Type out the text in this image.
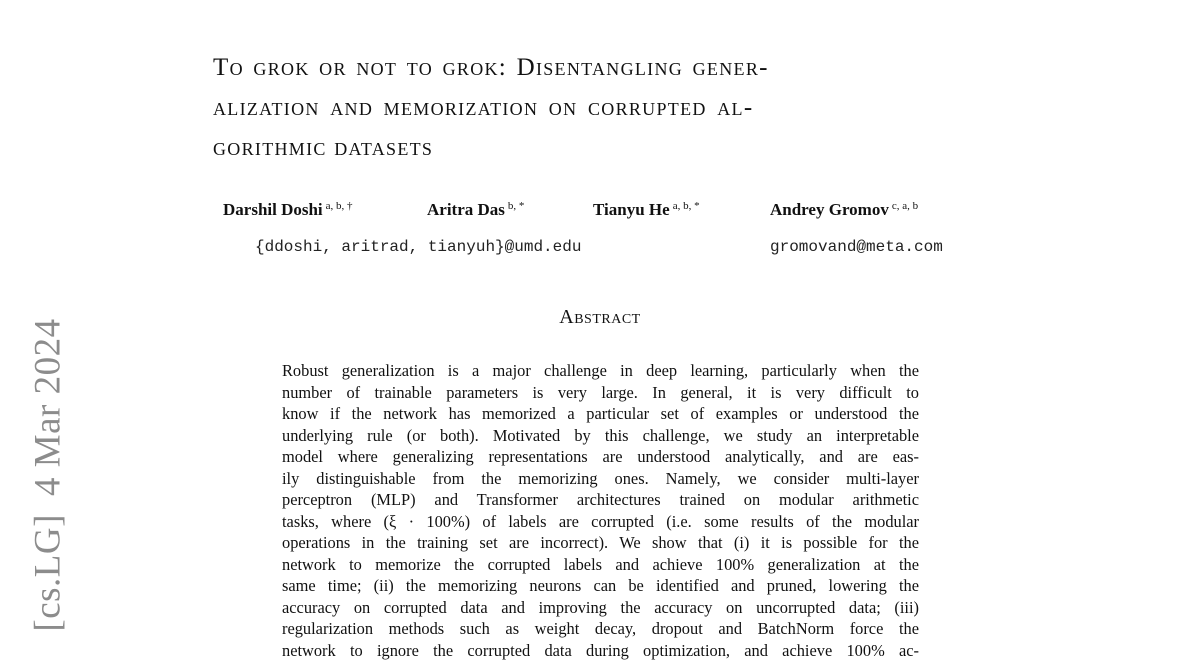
[cs.LG]4 Mar 2024
To grok or not to grok: Disentangling gener-
alization and memorization on corrupted al-
gorithmic datasets
Darshil Doshi $^{a, b, \dagger}$	Aritra Das $^{b, *}$	Tianyu He $^{a, b, *}$	Andrey Gromov $^{c, a, b}$
{ddoshi, aritrad, tianyuh}@umd.edu	gromovand@meta.com
Abstract
Robust generalization is a major challenge in deep learning, particularly when the
number of trainable parameters is very large. In general, it is very difficult to
know if the network has memorized a particular set of examples or understood the
underlying rule (or both). Motivated by this challenge, we study an interpretable
model where generalizing representations are understood analytically, and are eas-
ily distinguishable from the memorizing ones. Namely, we consider multi-layer
perceptron (MLP) and Transformer architectures trained on modular arithmetic
tasks, where (ξ · 100%) of labels are corrupted (i.e. some results of the modular
operations in the training set are incorrect). We show that (i) it is possible for the
network to memorize the corrupted labels and achieve 100% generalization at the
same time; (ii) the memorizing neurons can be identified and pruned, lowering the
accuracy on corrupted data and improving the accuracy on uncorrupted data; (iii)
regularization methods such as weight decay, dropout and BatchNorm force the
network to ignore the corrupted data during optimization, and achieve 100% ac-
